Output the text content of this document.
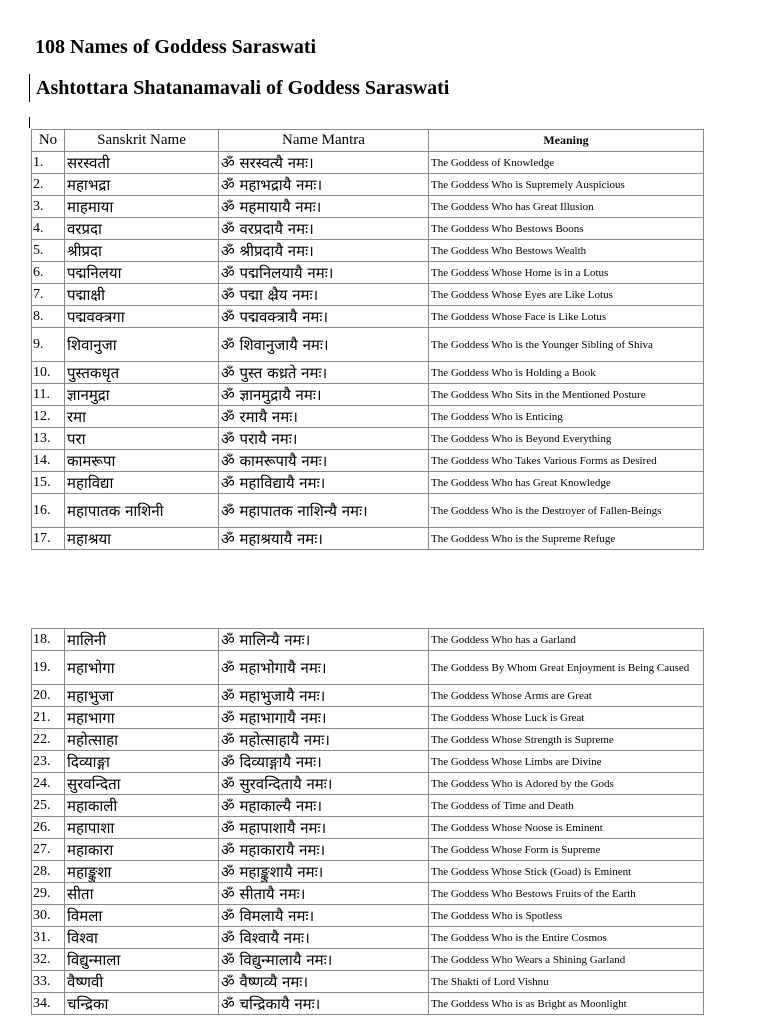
108 Names of Goddess Saraswati
Ashtottara Shatanamavali of Goddess Saraswati
No	Sanskrit Name	Name Mantra	Meaning
1.	सरस्वती	ॐ सरस्वत्यै नमः।	The Goddess of Knowledge
2.	महाभद्रा	ॐ महाभद्रायै नमः।	The Goddess Who is Supremely Auspicious
3.	माहमाया	ॐ महमायायै नमः।	The Goddess Who has Great Illusion
4.	वरप्रदा	ॐ वरप्रदायै नमः।	The Goddess Who Bestows Boons
5.	श्रीप्रदा	ॐ श्रीप्रदायै नमः।	The Goddess Who Bestows Wealth
6.	पद्मनिलया	ॐ पद्मनिलयायै नमः।	The Goddess Whose Home is in a Lotus
7.	पद्माक्षी	ॐ पद्मा क्ष्रैय नमः।	The Goddess Whose Eyes are Like Lotus
8.	पद्मवक्त्रगा	ॐ पद्मवक्त्रायै नमः।	The Goddess Whose Face is Like Lotus
9.	शिवानुजा	ॐ शिवानुजायै नमः।	The Goddess Who is the Younger Sibling of Shiva
10.	पुस्तकधृत	ॐ पुस्त कध्रते नमः।	The Goddess Who is Holding a Book
11.	ज्ञानमुद्रा	ॐ ज्ञानमुद्रायै नमः।	The Goddess Who Sits in the Mentioned Posture
12.	रमा	ॐ रमायै नमः।	The Goddess Who is Enticing
13.	परा	ॐ परायै नमः।	The Goddess Who is Beyond Everything
14.	कामरूपा	ॐ कामरूपायै नमः।	The Goddess Who Takes Various Forms as Desired
15.	महाविद्या	ॐ महाविद्यायै नमः।	The Goddess Who has Great Knowledge
16.	महापातक नाशिनी	ॐ महापातक नाशिन्यै नमः।	The Goddess Who is the Destroyer of Fallen-Beings
17.	महाश्रया	ॐ महाश्रयायै नमः।	The Goddess Who is the Supreme Refuge
18.	मालिनी	ॐ मालिन्यै नमः।	The Goddess Who has a Garland
19.	महाभोगा	ॐ महाभोगायै नमः।	The Goddess By Whom Great Enjoyment is Being Caused
20.	महाभुजा	ॐ महाभुजायै नमः।	The Goddess Whose Arms are Great
21.	महाभागा	ॐ महाभागायै नमः।	The Goddess Whose Luck is Great
22.	महोत्साहा	ॐ महोत्साहायै नमः।	The Goddess Whose Strength is Supreme
23.	दिव्याङ्गा	ॐ दिव्याङ्गायै नमः।	The Goddess Whose Limbs are Divine
24.	सुरवन्दिता	ॐ सुरवन्दितायै नमः।	The Goddess Who is Adored by the Gods
25.	महाकाली	ॐ महाकाल्यै नमः।	The Goddess of Time and Death
26.	महापाशा	ॐ महापाशायै नमः।	The Goddess Whose Noose is Eminent
27.	महाकारा	ॐ महाकारायै नमः।	The Goddess Whose Form is Supreme
28.	महाङ्कुशा	ॐ महाङ्कुशायै नमः।	The Goddess Whose Stick (Goad) is Eminent
29.	सीता	ॐ सीतायै नमः।	The Goddess Who Bestows Fruits of the Earth
30.	विमला	ॐ विमलायै नमः।	The Goddess Who is Spotless
31.	विश्वा	ॐ विश्वायै नमः।	The Goddess Who is the Entire Cosmos
32.	विद्युन्माला	ॐ विद्युन्मालायै नमः।	The Goddess Who Wears a Shining Garland
33.	वैष्णवी	ॐ वैष्णव्यै नमः।	The Shakti of Lord Vishnu
34.	चन्द्रिका	ॐ चन्द्रिकायै नमः।	The Goddess Who is as Bright as Moonlight
